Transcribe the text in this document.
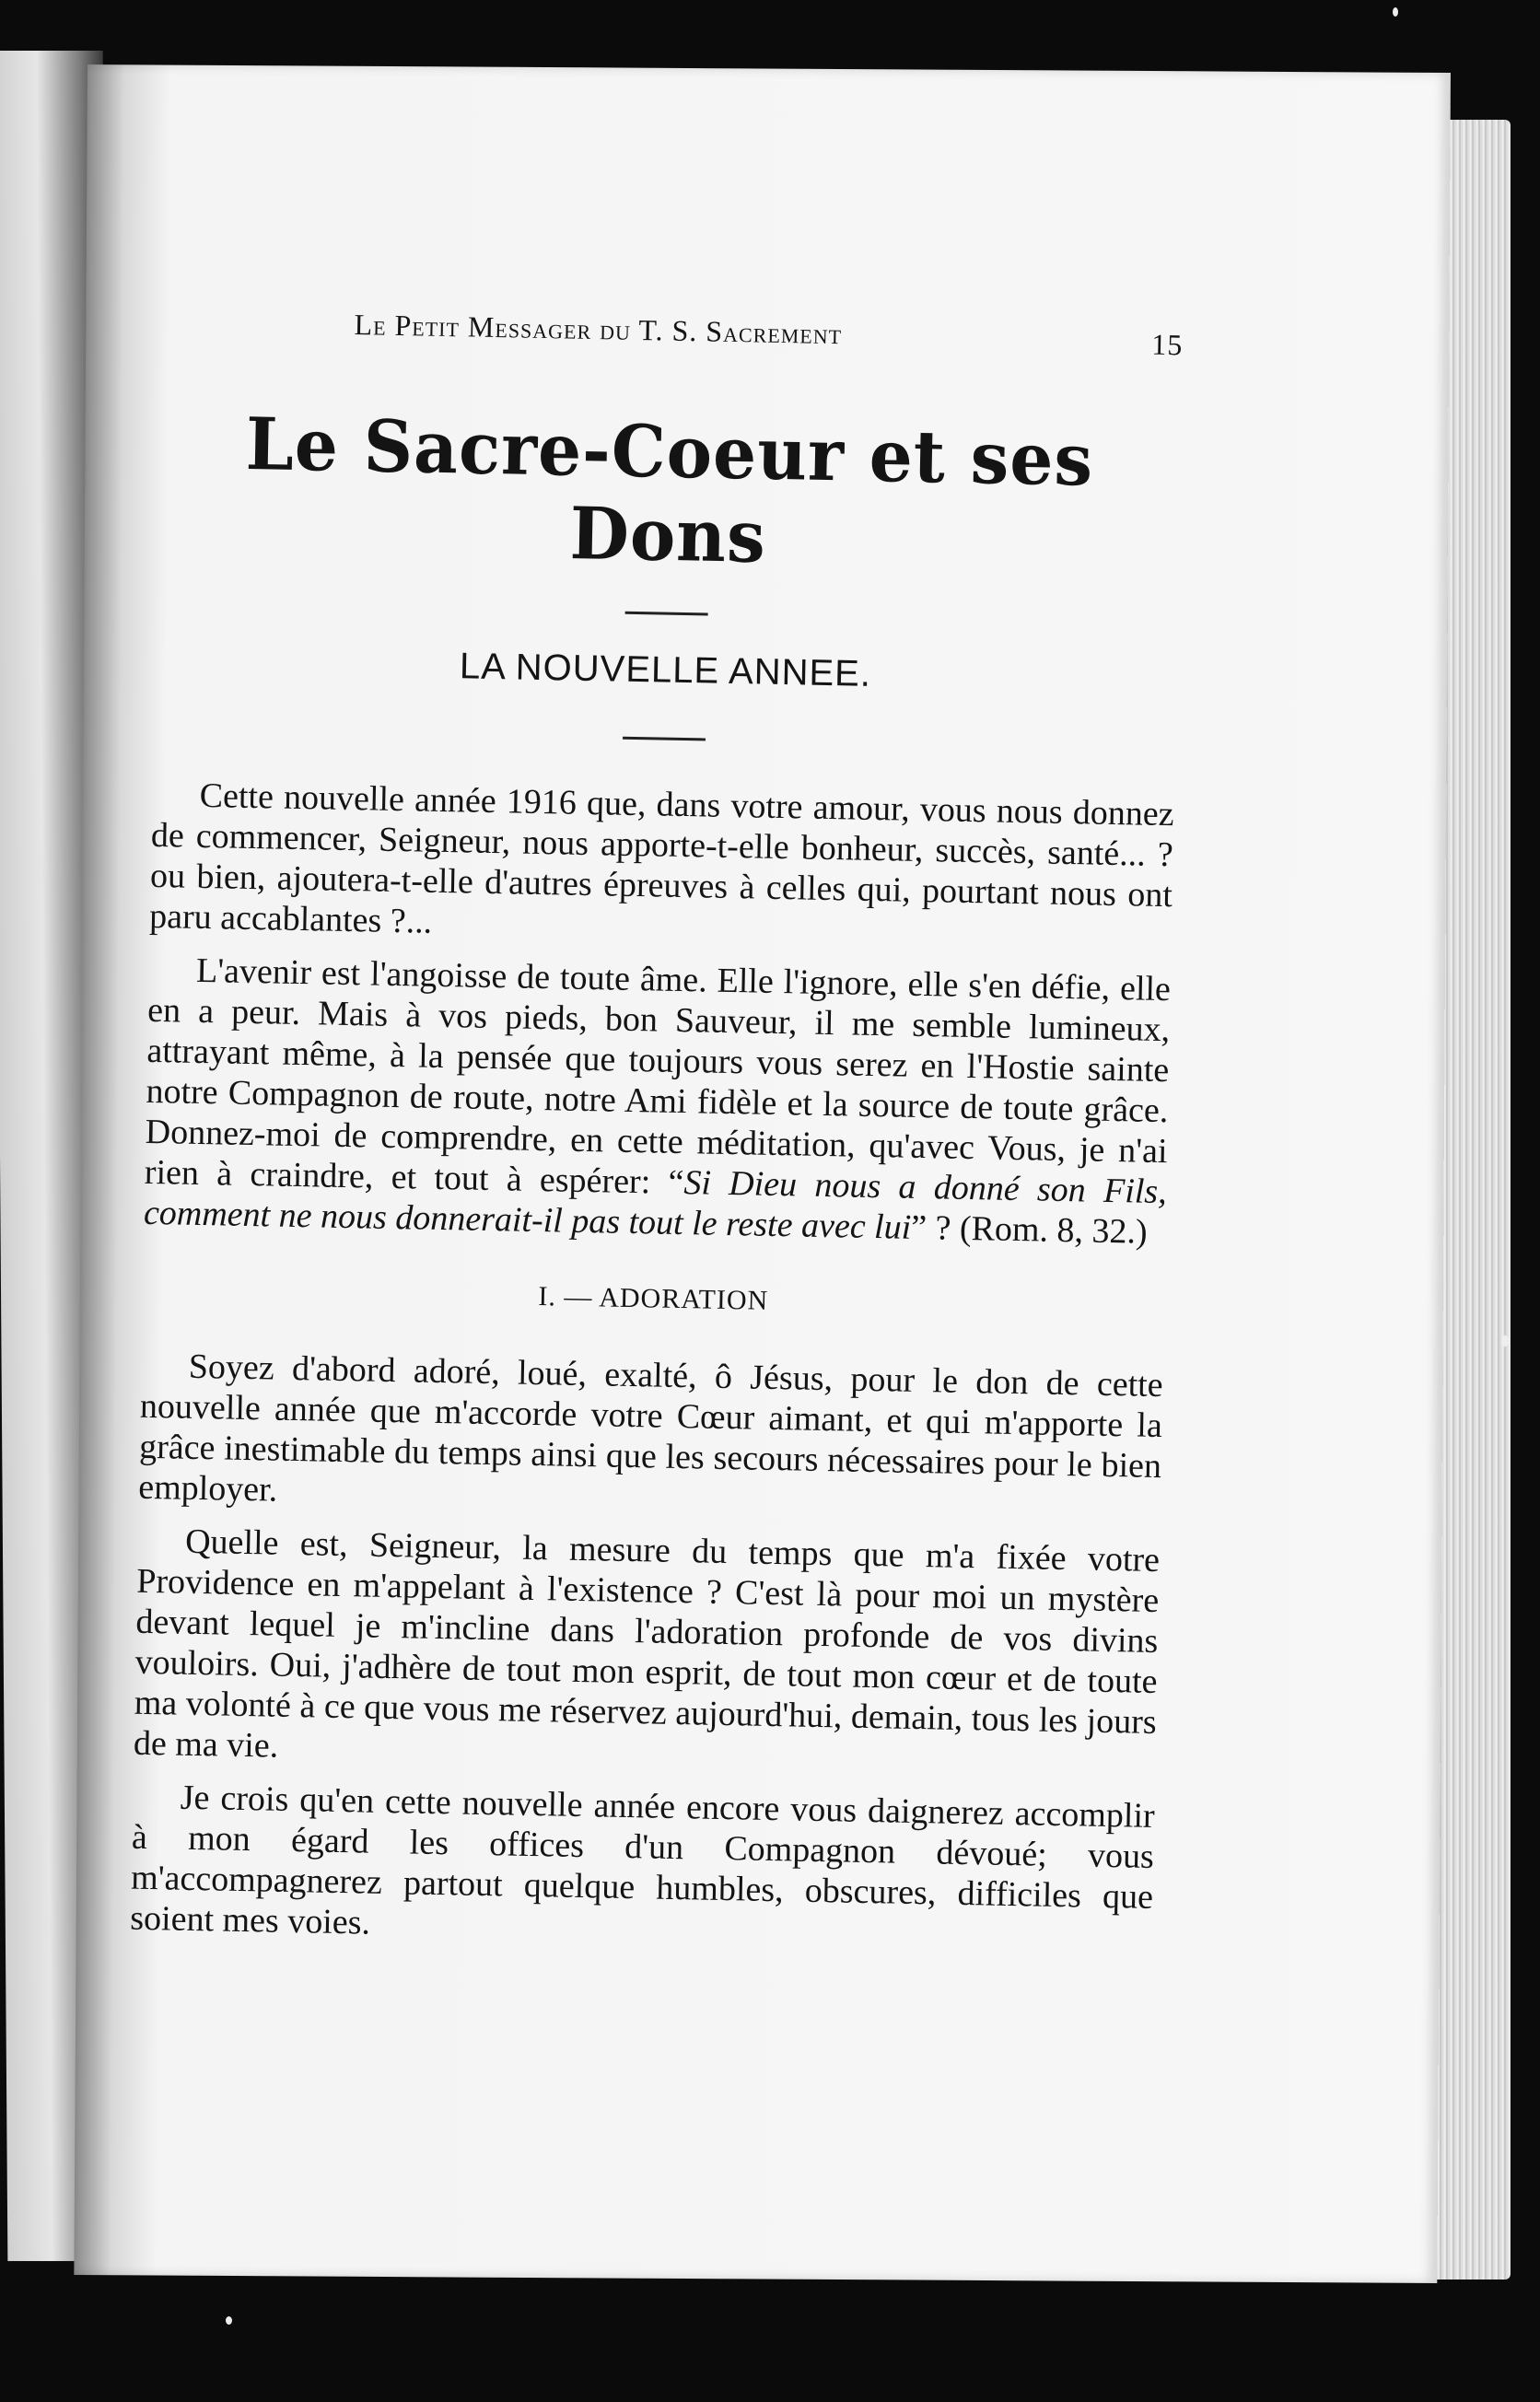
Le Petit Messager du T. S. Sacrement	15
Le Sacre-Coeur et ses Dons
LA NOUVELLE ANNEE.

Cette nouvelle année 1916 que, dans votre amour, vous nous donnez de commencer, Seigneur, nous apporte-t-elle bonheur, succès, santé... ? ou bien, ajoutera-t-elle d'autres épreuves à celles qui, pourtant nous ont paru accablantes ?...

L'avenir est l'angoisse de toute âme. Elle l'ignore, elle s'en défie, elle en a peur. Mais à vos pieds, bon Sauveur, il me semble lumineux, attrayant même, à la pensée que toujours vous serez en l'Hostie sainte notre Compagnon de route, notre Ami fidèle et la source de toute grâce. Donnez-moi de comprendre, en cette méditation, qu'avec Vous, je n'ai rien à craindre, et tout à espérer: “Si Dieu nous a donné son Fils, comment ne nous donnerait-il pas tout le reste avec lui” ? (Rom. 8, 32.)

I. — ADORATION

Soyez d'abord adoré, loué, exalté, ô Jésus, pour le don de cette nouvelle année que m'accorde votre Cœur aimant, et qui m'apporte la grâce inestimable du temps ainsi que les secours nécessaires pour le bien employer.

Quelle est, Seigneur, la mesure du temps que m'a fixée votre Providence en m'appelant à l'existence ? C'est là pour moi un mystère devant lequel je m'incline dans l'adoration profonde de vos divins vouloirs. Oui, j'adhère de tout mon esprit, de tout mon cœur et de toute ma volonté à ce que vous me réservez aujourd'hui, demain, tous les jours de ma vie.

Je crois qu'en cette nouvelle année encore vous daignerez accomplir à mon égard les offices d'un Compagnon dévoué; vous m'accompagnerez partout quelque humbles, obscures, difficiles que soient mes voies.
